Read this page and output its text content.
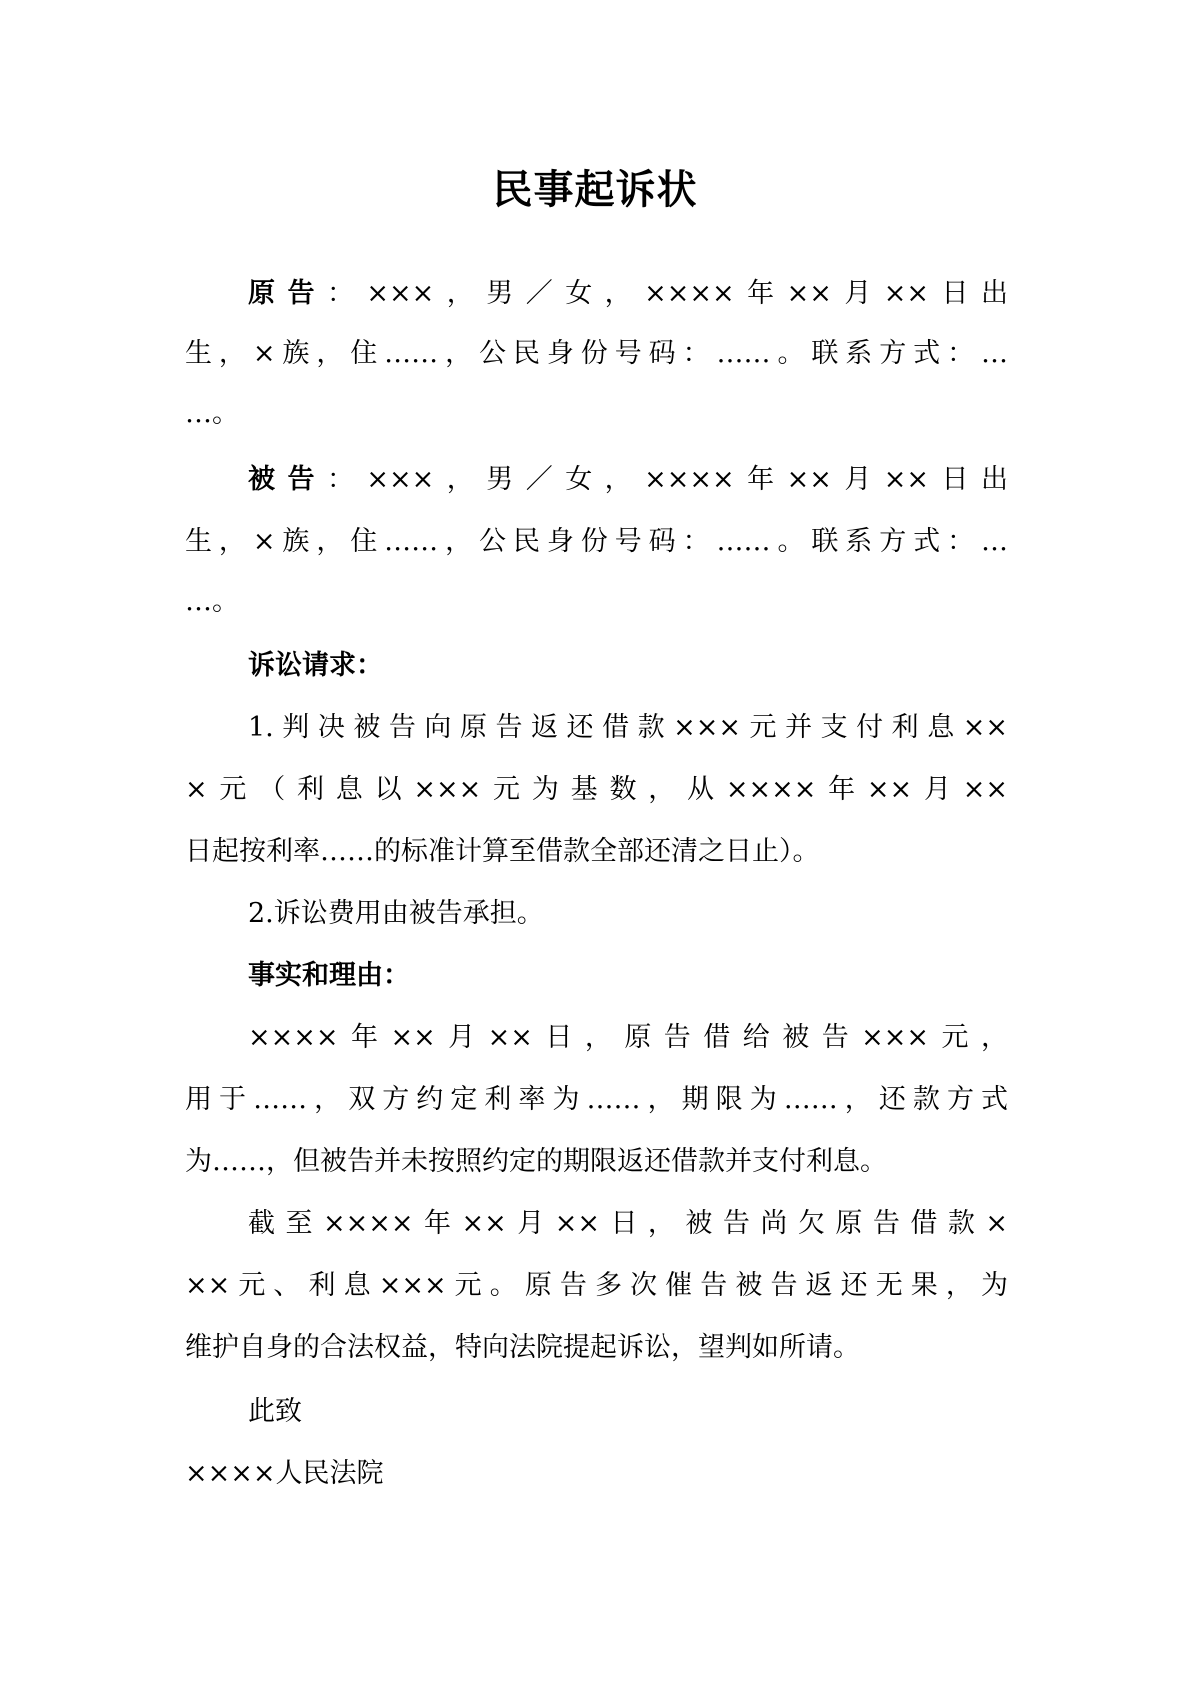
民事起诉状
原告：×××，男／女，××××年××月××日出
生，×族，住……，公民身份号码：……。联系方式：…
…。
被告：×××，男／女，××××年××月××日出
生，×族，住……，公民身份号码：……。联系方式：…
…。
诉讼请求：
1.判决被告向原告返还借款×××元并支付利息××
×元（利息以×××元为基数，从××××年××月××
日起按利率……的标准计算至借款全部还清之日止）。
2.诉讼费用由被告承担。
事实和理由：
××××年××月××日，原告借给被告×××元，
用于……，双方约定利率为……，期限为……，还款方式
为……，但被告并未按照约定的期限返还借款并支付利息。
截至××××年××月××日，被告尚欠原告借款×
××元、利息×××元。原告多次催告被告返还无果，为
维护自身的合法权益，特向法院提起诉讼，望判如所请。
此致
××××人民法院
